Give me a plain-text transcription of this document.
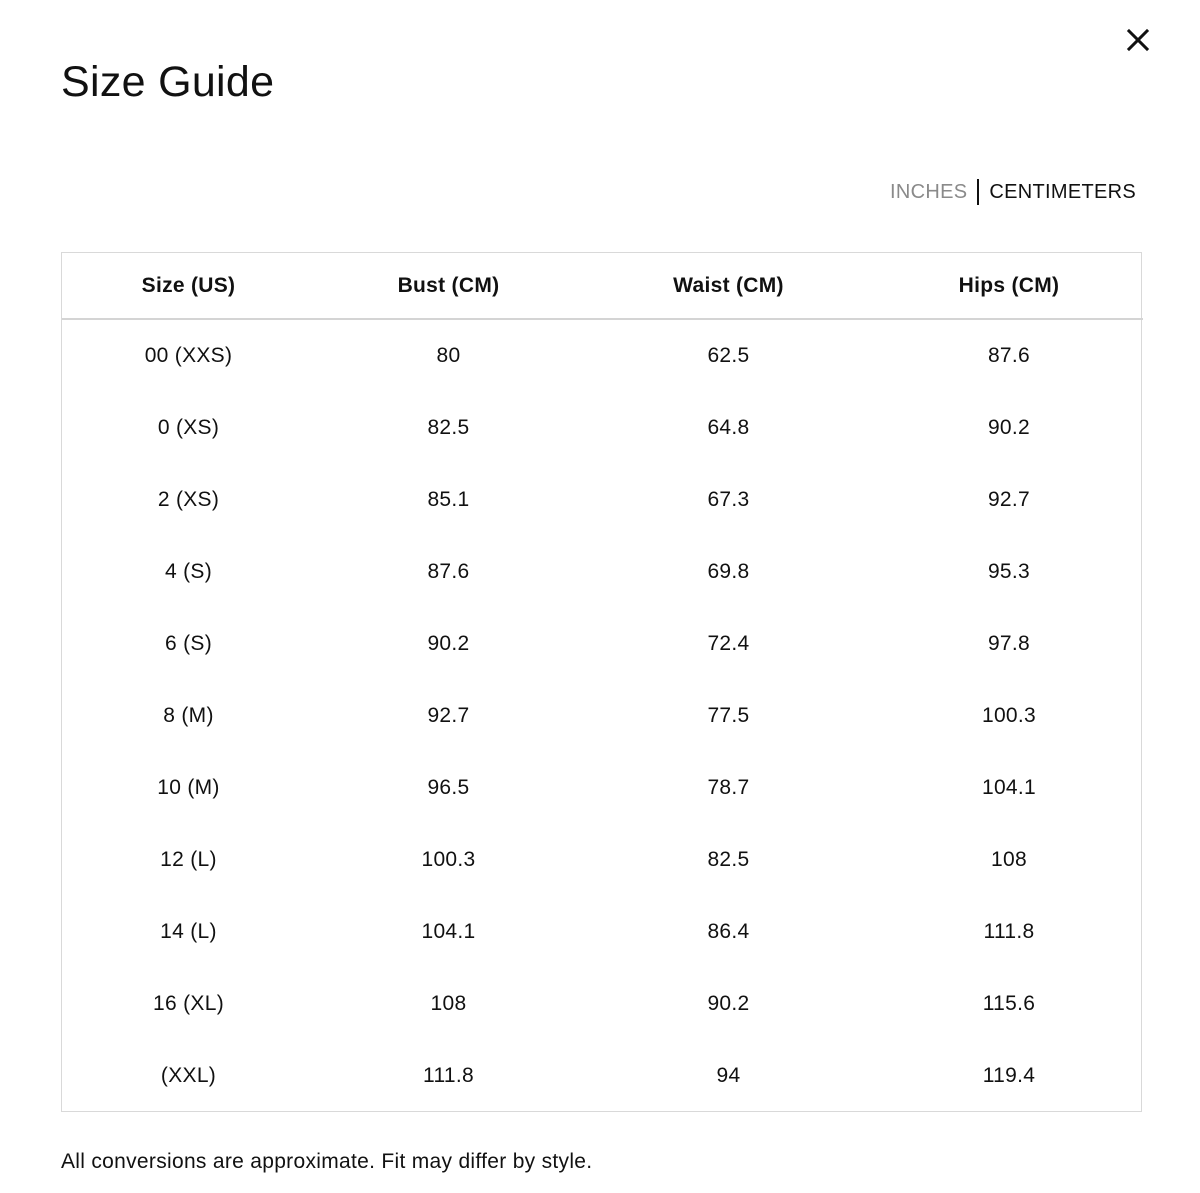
Size Guide
INCHES CENTIMETERS
Size (US)	Bust (CM)	Waist (CM)	Hips (CM)
00 (XXS)	80	62.5	87.6
0 (XS)	82.5	64.8	90.2
2 (XS)	85.1	67.3	92.7
4 (S)	87.6	69.8	95.3
6 (S)	90.2	72.4	97.8
8 (M)	92.7	77.5	100.3
10 (M)	96.5	78.7	104.1
12 (L)	100.3	82.5	108
14 (L)	104.1	86.4	111.8
16 (XL)	108	90.2	115.6
(XXL)	111.8	94	119.4

All conversions are approximate. Fit may differ by style.
